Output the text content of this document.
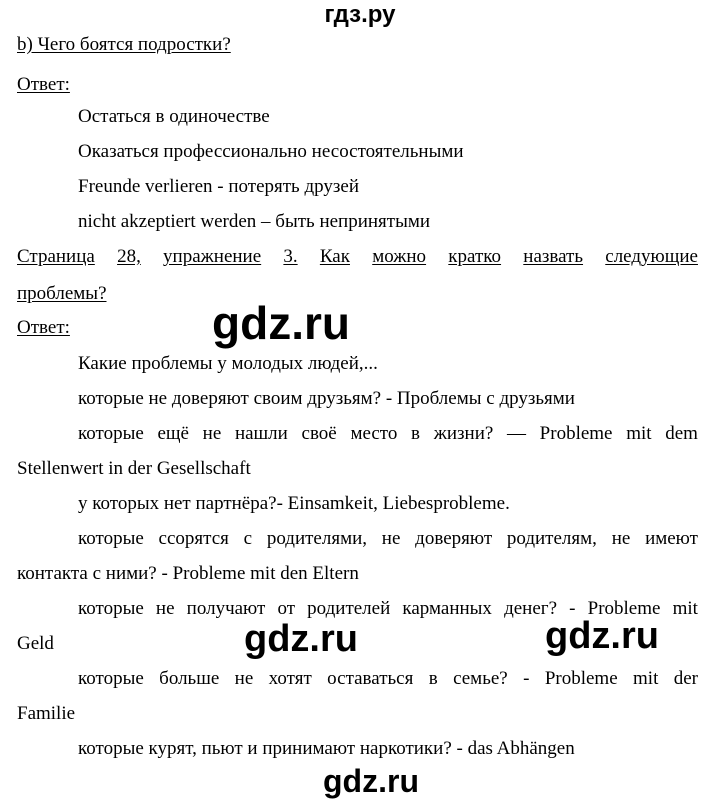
гдз.ру
b) Чего боятся подростки?
Ответ:
Остаться в одиночестве
Оказаться профессионально несостоятельными
Freunde verlieren - потерять друзей
nicht akzeptiert werden – быть непринятыми
Страница 28, упражнение 3. Как можно кратко назвать следующие
проблемы?
Ответ:
Какие проблемы у молодых людей,...
которые не доверяют своим друзьям? - Проблемы с друзьями
которые ещё не нашли своё место в жизни? — Probleme mit dem
Stellenwert in der Gesellschaft
у которых нет партнёра?- Einsamkeit, Liebesprobleme.
которые ссорятся с родителями, не доверяют родителям, не имеют
контакта с ними? - Probleme mit den Eltern
которые не получают от родителей карманных денег? - Probleme mit
Geld
которые больше не хотят оставаться в семье? - Probleme mit der
Familie
которые курят, пьют и принимают наркотики? - das Abhängen
gdz.ru
gdz.ru	gdz.ru
gdz.ru
